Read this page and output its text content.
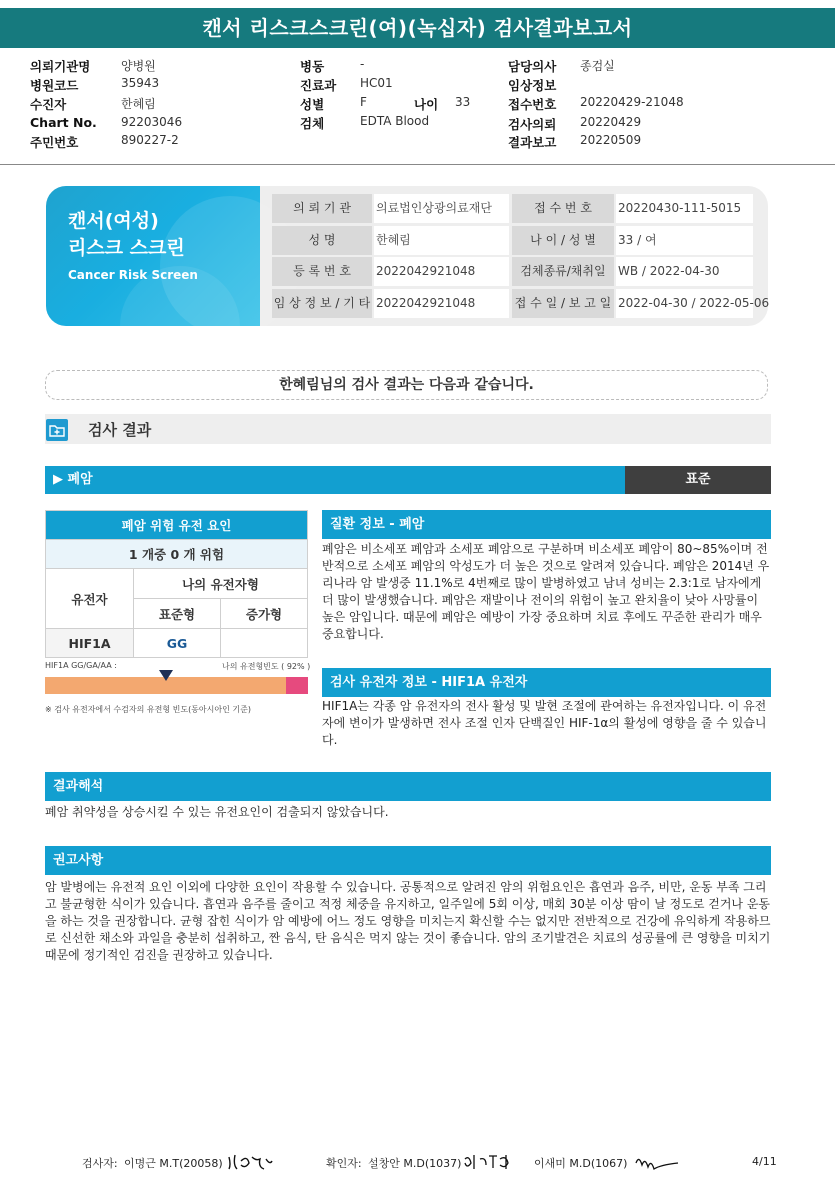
캔서 리스크스크린(여)(녹십자) 검사결과보고서
의뢰기관명	양병원
병원코드	35943
수진자	한혜림
Chart No. 92203046
주민번호	890227-2
병동	-
진료과 HC01
성별	F	나이 33
검체	EDTA Blood
담당의사 종검실
임상정보
접수번호 20220429-21048
검사의뢰 20220429
결과보고 20220509
캔서(여성)
리스크 스크린
Cancer Risk Screen
의 뢰 기 관	의료법인상광의료재단	접 수 번 호	20220430-111-5015
성 명	한혜림	나 이 / 성 별	33 / 여
등 록 번 호	2022042921048	검체종류/채취일	WB / 2022-04-30
임 상 정 보 / 기 타 2022042921048	접 수 일 / 보 고 일 2022-04-30 / 2022-05-06
한혜림님의 검사 결과는 다음과 같습니다.
검사 결과
▶ 폐암	표준
폐암 위험 유전 요인		
1 개중 0 개 위험		
유전자	나의 유전자형	
	표준형	증가형
HIF1A	GG	
HIF1A GG/GA/AA :	나의 유전형빈도 ( 92% )
※ 검사 유전자에서 수검자의 유전형 빈도(동아시아인 기준)
질환 정보 - 폐암
폐암은 비소세포 폐암과 소세포 폐암으로 구분하며 비소세포 폐암이 80~85%이며 전반적으로 소세포 폐암의 악성도가 더 높은 것으로 알려져 있습니다. 폐암은 2014년 우리나라 암 발생중 11.1%로 4번째로 많이 발병하였고 남녀 성비는 2.3:1로 남자에게 더 많이 발생했습니다. 폐암은 재발이나 전이의 위험이 높고 완치율이 낮아 사망률이 높은 암입니다. 때문에 폐암은 예방이 가장 중요하며 치료 후에도 꾸준한 관리가 매우 중요합니다.
검사 유전자 정보 - HIF1A 유전자
HIF1A는 각종 암 유전자의 전사 활성 및 발현 조절에 관여하는 유전자입니다. 이 유전자에 변이가 발생하면 전사 조절 인자 단백질인 HIF-1α의 활성에 영향을 줄 수 있습니다.
결과해석
폐암 취약성을 상승시킬 수 있는 유전요인이 검출되지 않았습니다.
권고사항
암 발병에는 유전적 요인 이외에 다양한 요인이 작용할 수 있습니다. 공통적으로 알려진 암의 위험요인은 흡연과 음주, 비만, 운동 부족 그리고 불균형한 식이가 있습니다. 흡연과 음주를 줄이고 적정 체중을 유지하고, 일주일에 5회 이상, 매회 30분 이상 땀이 날 정도로 걷거나 운동을 하는 것을 권장합니다. 균형 잡힌 식이가 암 예방에 어느 정도 영향을 미치는지 확신할 수는 없지만 전반적으로 건강에 유익하게 작용하므로 신선한 채소와 과일을 충분히 섭취하고, 짠 음식, 탄 음식은 먹지 않는 것이 좋습니다. 암의 조기발견은 치료의 성공률에 큰 영향을 미치기 때문에 정기적인 검진을 권장하고 있습니다.
검사자: 이명근 M.T(20058)	확인자: 설창안 M.D(1037)	이새미 M.D(1067)	4/11
